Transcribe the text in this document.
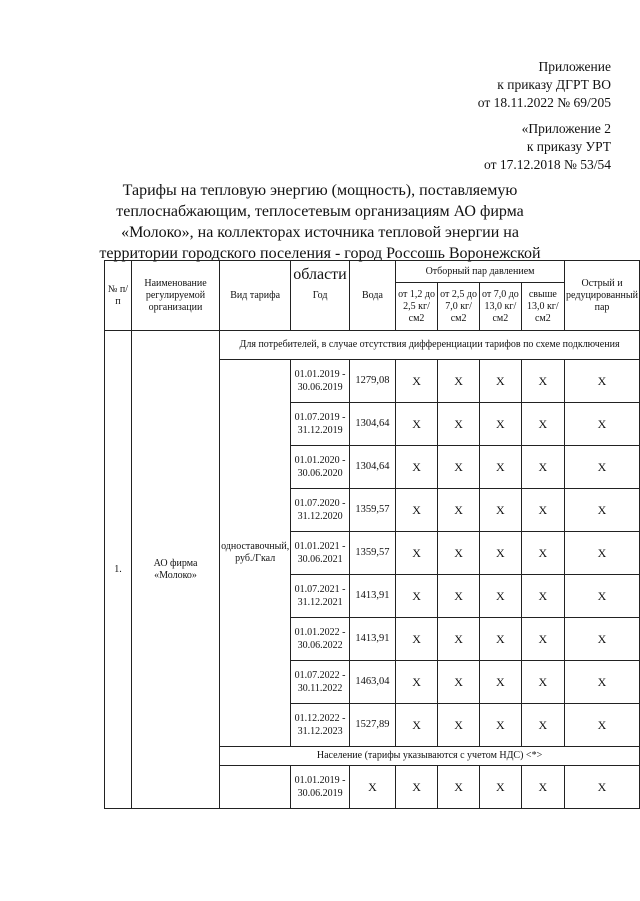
Приложение
к приказу ДГРТ ВО
от 18.11.2022 № 69/205
«Приложение 2
к приказу УРТ
от 17.12.2018 № 53/54
Тарифы на тепловую энергию (мощность), поставляемую теплоснабжающим, теплосетевым организациям АО фирма «Молоко», на коллекторах источника тепловой энергии на территории городского поселения - город Россошь Воронежской области
№ п/п	Наименование регулируемой организации	Вид тарифа	Год	Вода	Отборный пар давлением				Острый и редуцированный пар
					от 1,2 до 2,5 кг/см2	от 2,5 до 7,0 кг/см2	от 7,0 до 13,0 кг/см2	свыше 13,0 кг/см2	
1.	АО фирма «Молоко»	Для потребителей, в случае отсутствия дифференциации тарифов по схеме подключения							
		одноставочный, руб./Гкал	01.01.2019 - 30.06.2019	1279,08	X	X	X	X	X
			01.07.2019 - 31.12.2019	1304,64	X	X	X	X	X
			01.01.2020 - 30.06.2020	1304,64	X	X	X	X	X
			01.07.2020 - 31.12.2020	1359,57	X	X	X	X	X
			01.01.2021 - 30.06.2021	1359,57	X	X	X	X	X
			01.07.2021 - 31.12.2021	1413,91	X	X	X	X	X
			01.01.2022 - 30.06.2022	1413,91	X	X	X	X	X
			01.07.2022 - 30.11.2022	1463,04	X	X	X	X	X
			01.12.2022 - 31.12.2023	1527,89	X	X	X	X	X
		Население (тарифы указываются с учетом НДС) <*>							
			01.01.2019 - 30.06.2019	X	X	X	X	X	X
